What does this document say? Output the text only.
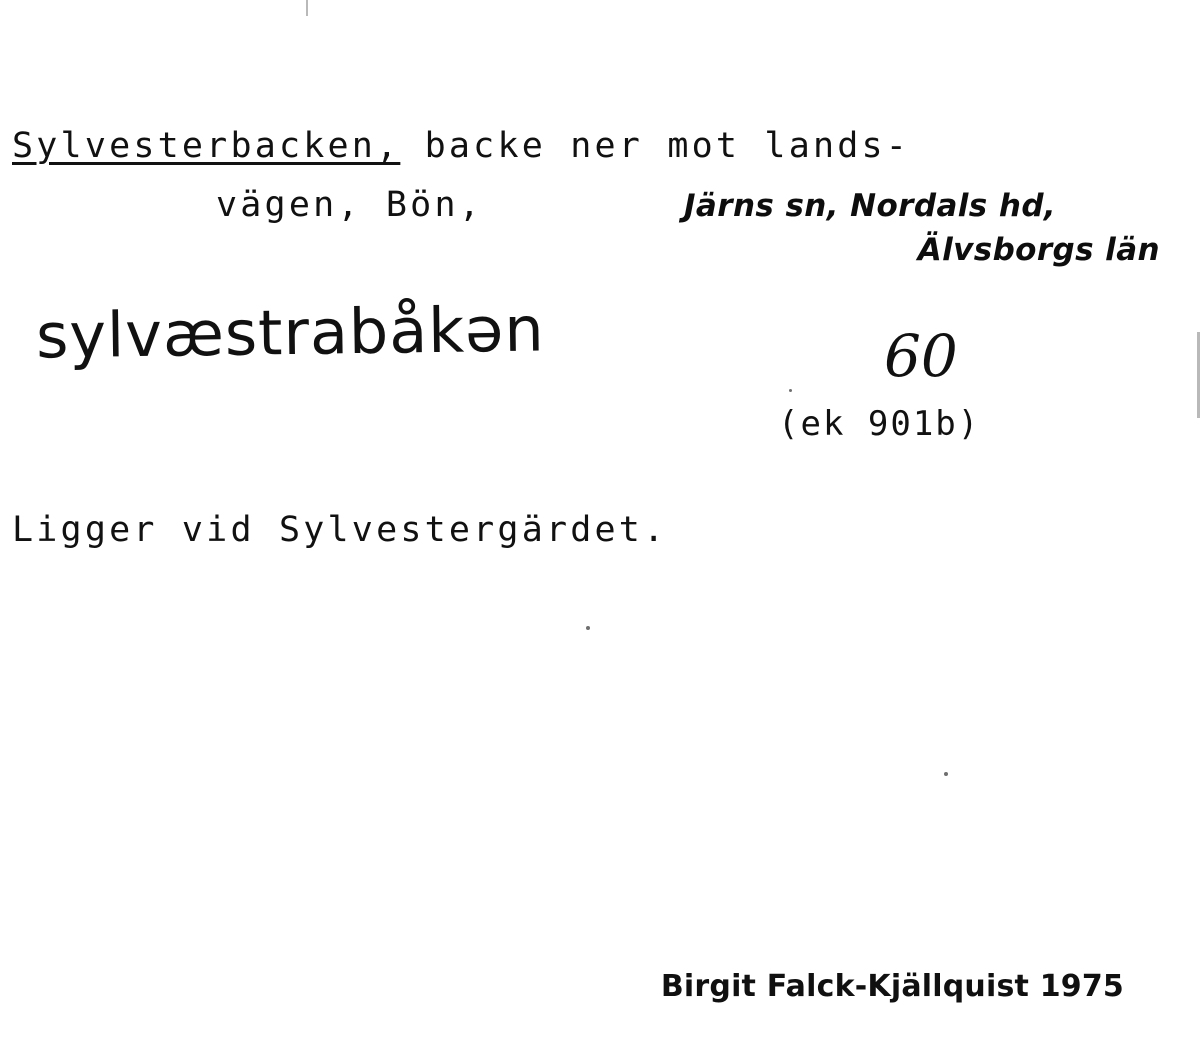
Sylvesterbacken, backe ner mot lands-
vägen, Bön,	Järns sn, Nordals hd,
Älvsborgs län
sylvæstrabåkən	60
(ek 901b)
Ligger vid Sylvestergärdet.
Birgit Falck-Kjällquist 1975
